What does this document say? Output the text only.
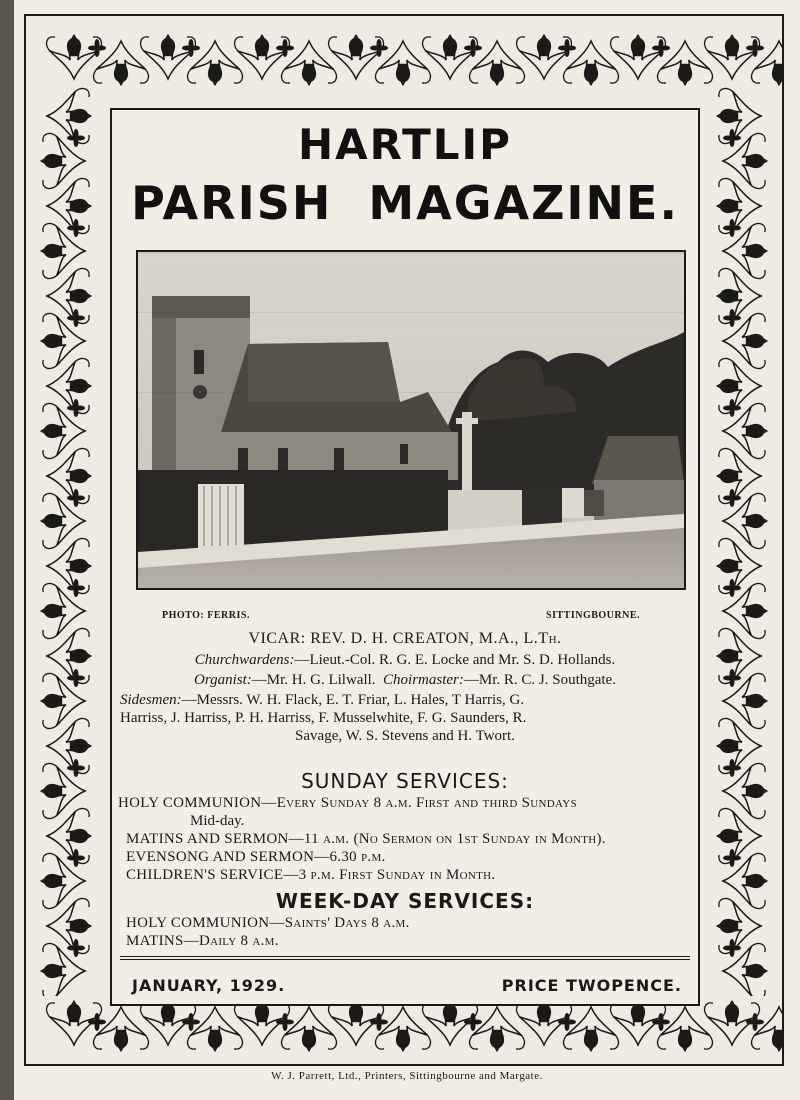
HARTLIP
PARISH MAGAZINE.
PHOTO: FERRIS.	SITTINGBOURNE.
VICAR: REV. D. H. CREATON, M.A., L.Th.
Churchwardens:—Lieut.-Col. R. G. E. Locke and Mr. S. D. Hollands.
Organist:—Mr. H. G. Lilwall. Choirmaster:—Mr. R. C. J. Southgate.
Sidesmen:—Messrs. W. H. Flack, E. T. Friar, L. Hales, T Harris, G.
Harriss, J. Harriss, P. H. Harriss, F. Musselwhite, F. G. Saunders, R.
Savage, W. S. Stevens and H. Twort.
SUNDAY SERVICES:
HOLY COMMUNION—Every Sunday 8 a.m. First and third Sundays
Mid-day.
MATINS AND SERMON—11 a.m. (No Sermon on 1st Sunday in Month).
EVENSONG AND SERMON—6.30 p.m.
CHILDREN'S SERVICE—3 p.m. First Sunday in Month.
WEEK-DAY SERVICES:
HOLY COMMUNION—Saints' Days 8 a.m.
MATINS—Daily 8 a.m.
JANUARY, 1929.	PRICE TWOPENCE.
W. J. Parrett, Ltd., Printers, Sittingbourne and Margate.
